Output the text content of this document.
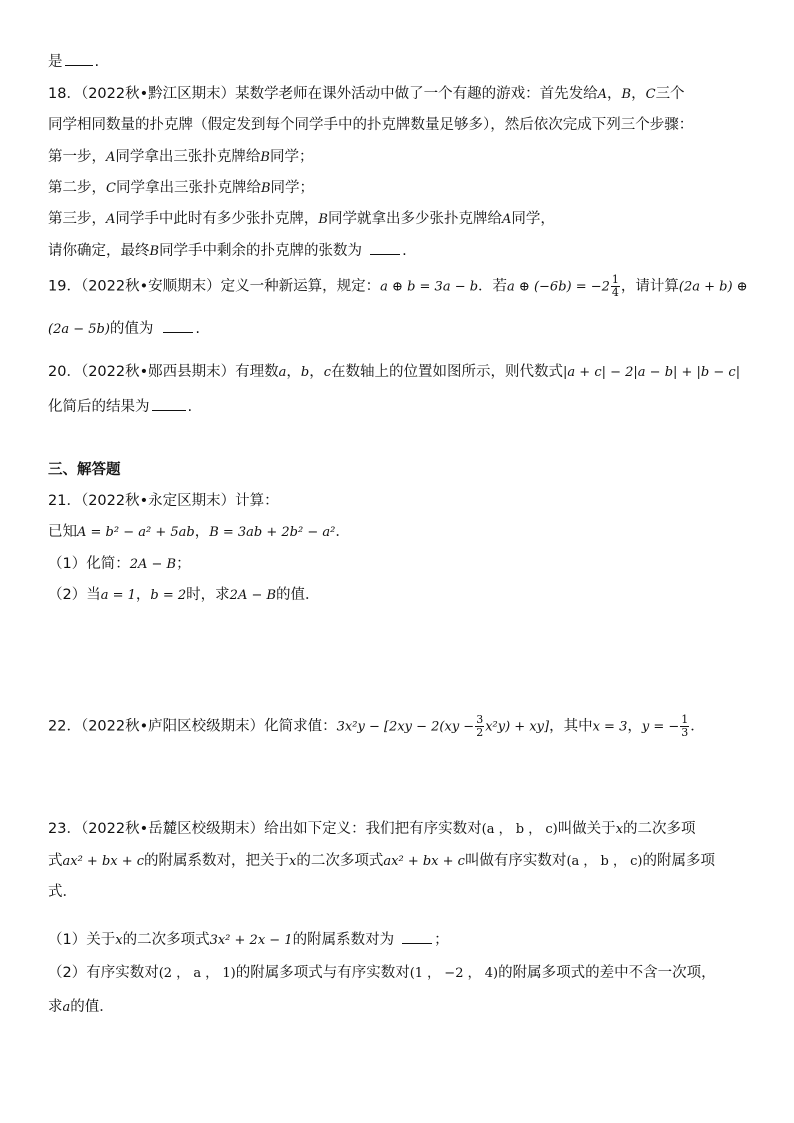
是 .
18．（2022秋•黔江区期末）某数学老师在课外活动中做了一个有趣的游戏：首先发给A，B，C三个
同学相同数量的扑克牌（假定发到每个同学手中的扑克牌数量足够多），然后依次完成下列三个步骤：
第一步，A同学拿出三张扑克牌给B同学；
第二步，C同学拿出三张扑克牌给B同学；
第三步，A同学手中此时有多少张扑克牌，B同学就拿出多少张扑克牌给A同学，
请你确定，最终B同学手中剩余的扑克牌的张数为	.
19．（2022秋•安顺期末）定义一种新运算，规定：a ⊕ b = 3a − b．若a ⊕ $(-6b) = -2 \frac{1}{4}$ ，请计算(2a + b) ⊕
(2a − 5b)的值为	.
20．（2022秋•郧西县期末）有理数a，b，c在数轴上的位置如图所示，则代数式|a + c| − 2|a − b| + |b − c|
化简后的结果为	.
三、解答题
21．（2022秋•永定区期末）计算：
已知A = b² − a² + 5ab，B = 3ab + 2b² − a²．
（1）化简：2A − B；
（2）当a = 1，b = 2时，求2A − B的值．
22．（2022秋•庐阳区校级期末）化简求值：$3x^2y - [2xy - 2(xy - \frac{3}{2} x^2y) + xy]$，其中x = 3，y = − $\frac{1}{3}$ ．
23．（2022秋•岳麓区校级期末）给出如下定义：我们把有序实数对(a ， b ， c)叫做关于x的二次多项
式ax² + bx + c的附属系数对，把关于x的二次多项式ax² + bx + c叫做有序实数对(a ， b ， c)的附属多项
式．
（1）关于x的二次多项式3x² + 2x − 1的附属系数对为	；
（2）有序实数对(2 ， a ， 1)的附属多项式与有序实数对(1 ， −2 ， 4)的附属多项式的差中不含一次项，
求a的值．
